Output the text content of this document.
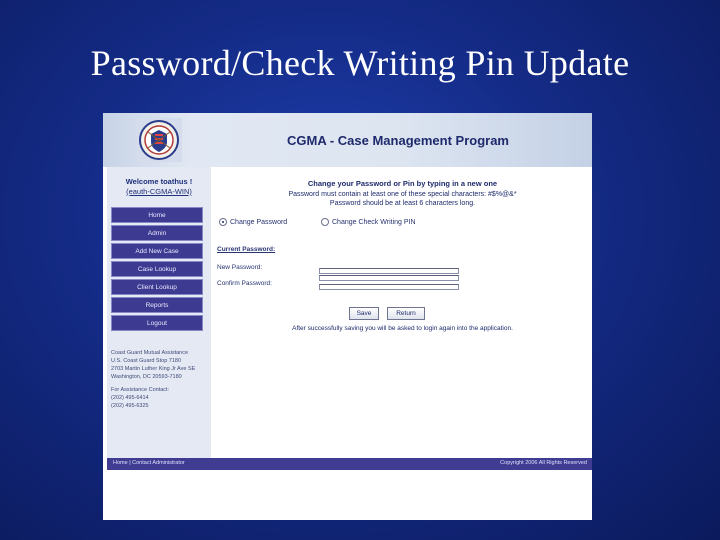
Password/Check Writing Pin Update
CGMA - Case Management Program
Welcome toathus !
(eauth-CGMA-WIN)
Home
Admin
Add New Case
Case Lookup
Client Lookup
Reports
Logout
Coast Guard Mutual Assistance
U.S. Coast Guard Stop 7180
2703 Martin Luther King Jr Ave SE
Washington, DC 20593-7180
For Assistance Contact:
(202) 495-6414
(202) 495-6325
Change your Password or Pin by typing in a new one
Password must contain at least one of these special characters: #$%@&*
Password should be at least 6 characters long.
Change Password	Change Check Writing PIN
Current Password:
New Password:
Confirm Password:
Save	Return
After successfully saving you will be asked to login again into the application.
Home | Contact Administrator	Copyright 2006 All Rights Reserved
